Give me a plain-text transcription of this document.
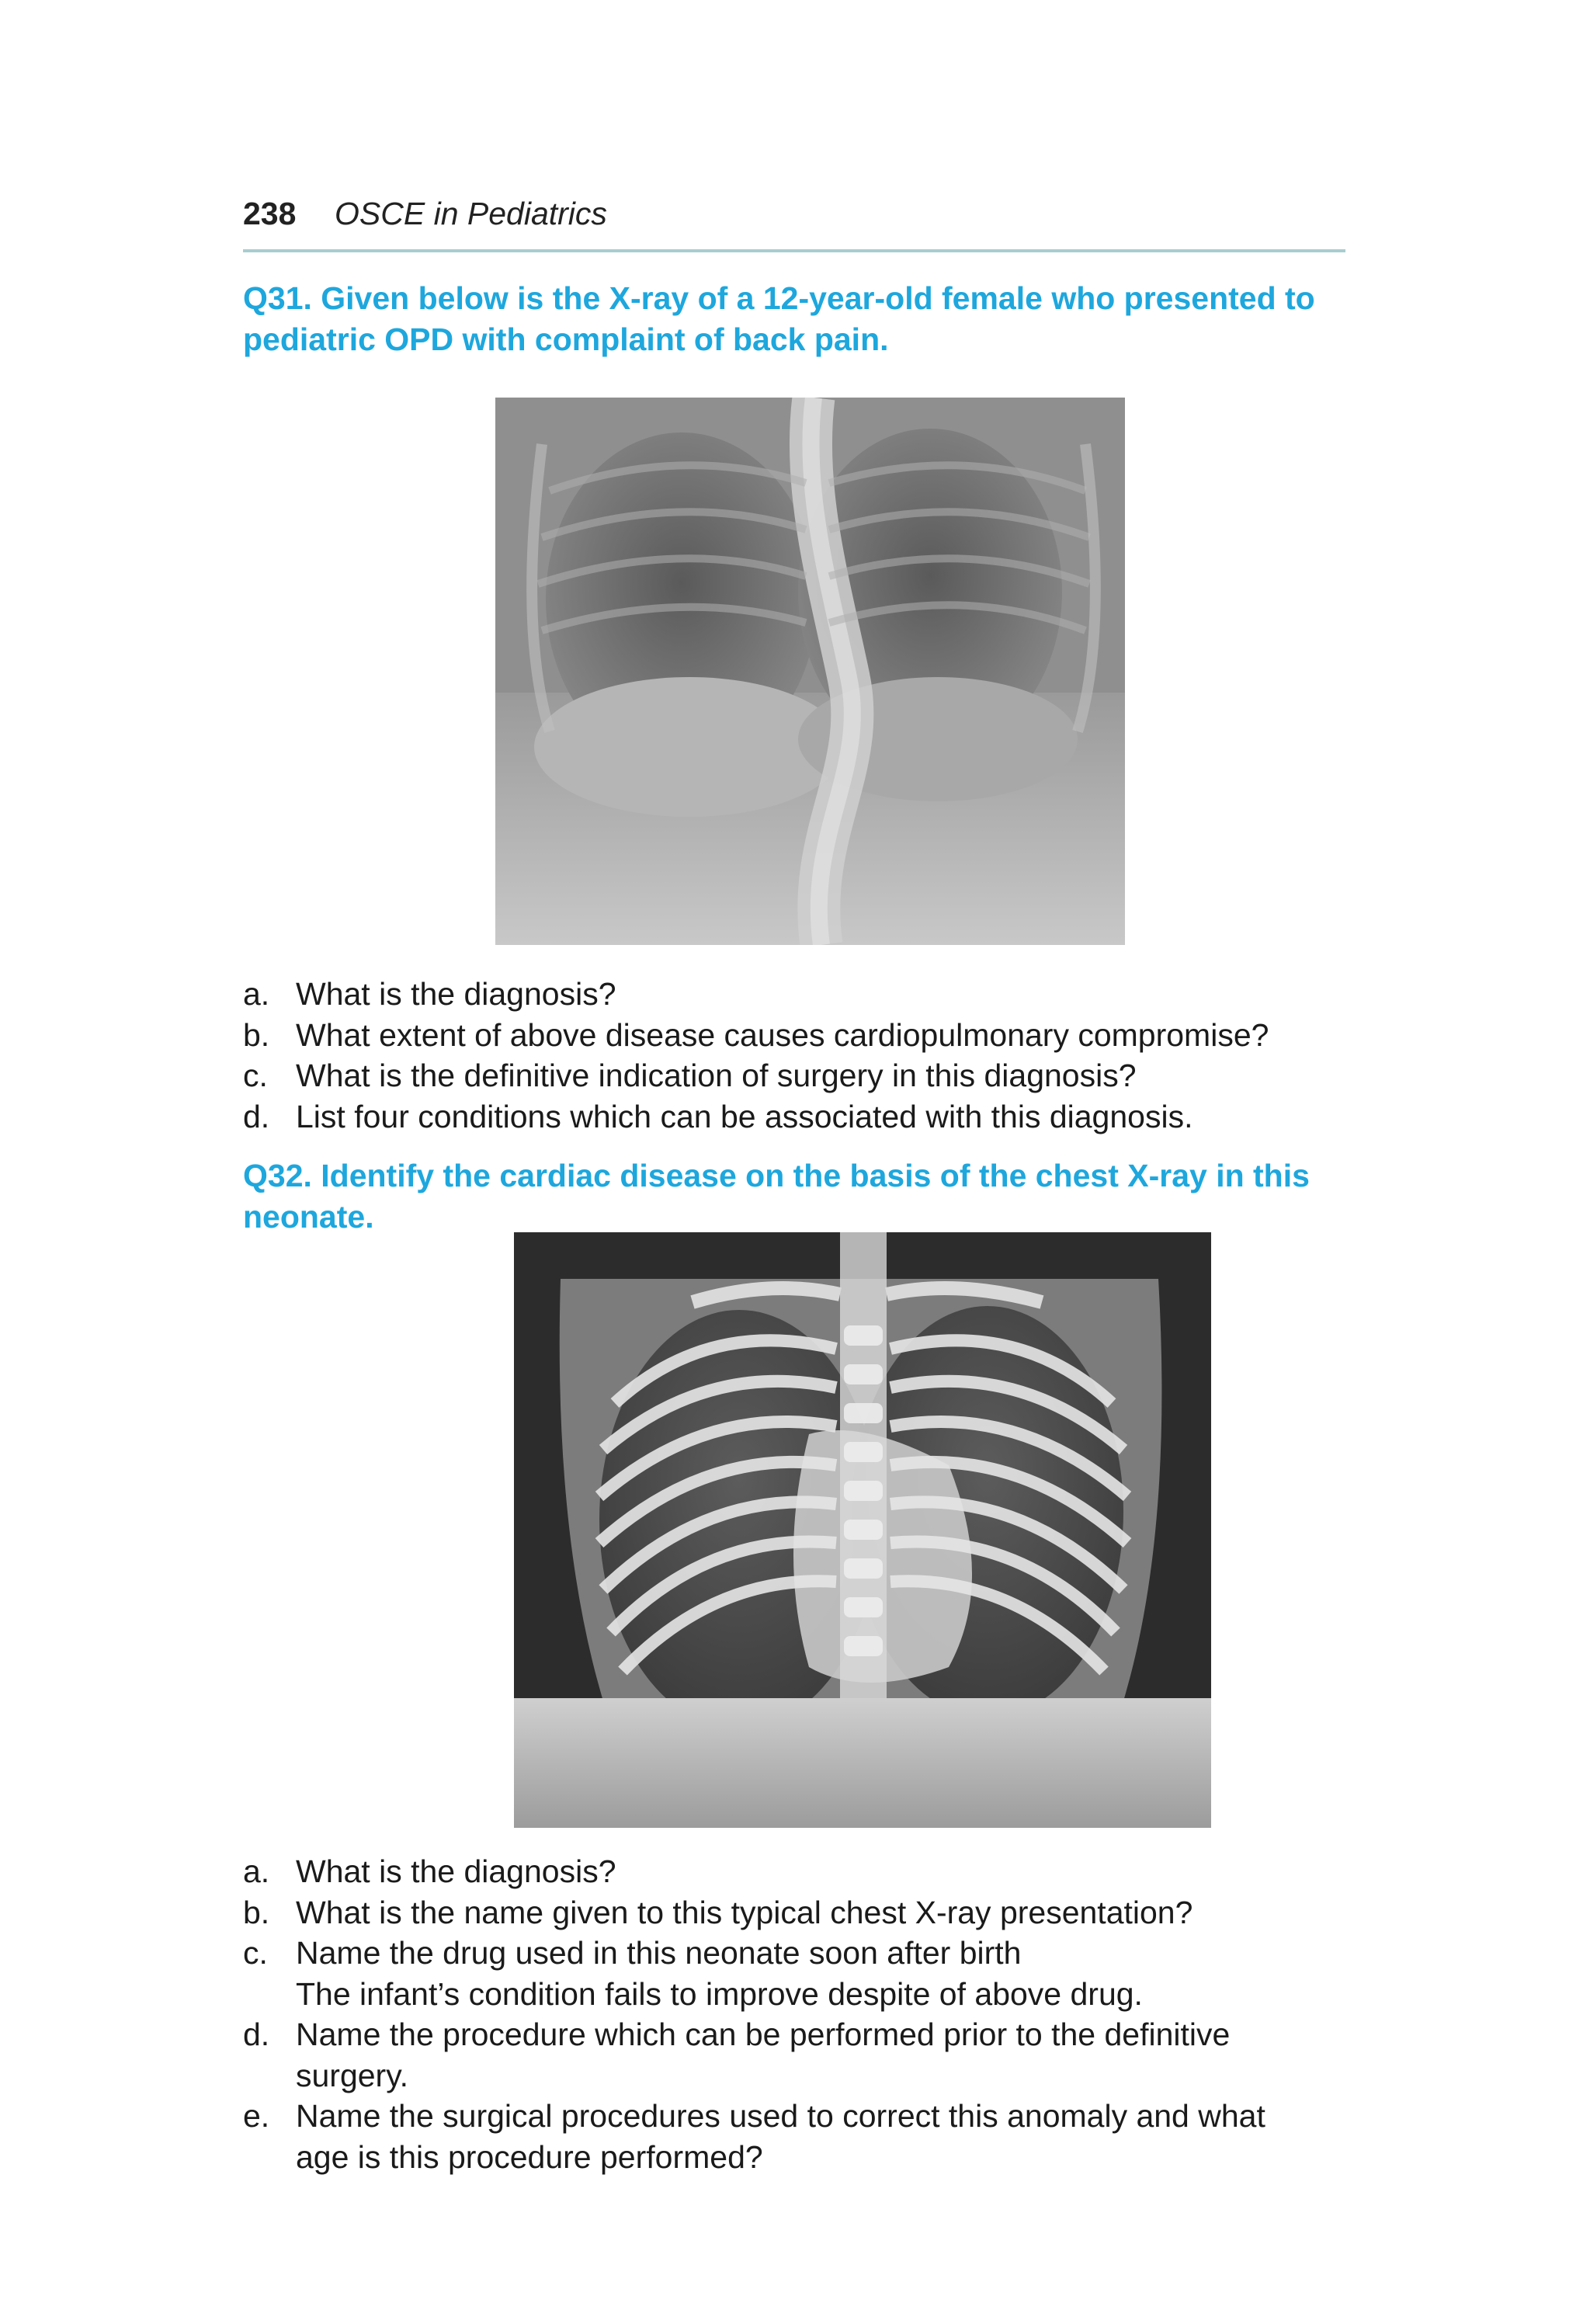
238 OSCE in Pediatrics
Q31. Given below is the X-ray of a 12-year-old female who presented to
pediatric OPD with complaint of back pain.
a. What is the diagnosis?
b. What extent of above disease causes cardiopulmonary compromise?
c. What is the definitive indication of surgery in this diagnosis?
d. List four conditions which can be associated with this diagnosis.
Q32. Identify the cardiac disease on the basis of the chest X-ray in this
neonate.
a. What is the diagnosis?
b. What is the name given to this typical chest X-ray presentation?
c. Name the drug used in this neonate soon after birth
The infant’s condition fails to improve despite of above drug.
d. Name the procedure which can be performed prior to the definitive
surgery.
e. Name the surgical procedures used to correct this anomaly and what
age is this procedure performed?
